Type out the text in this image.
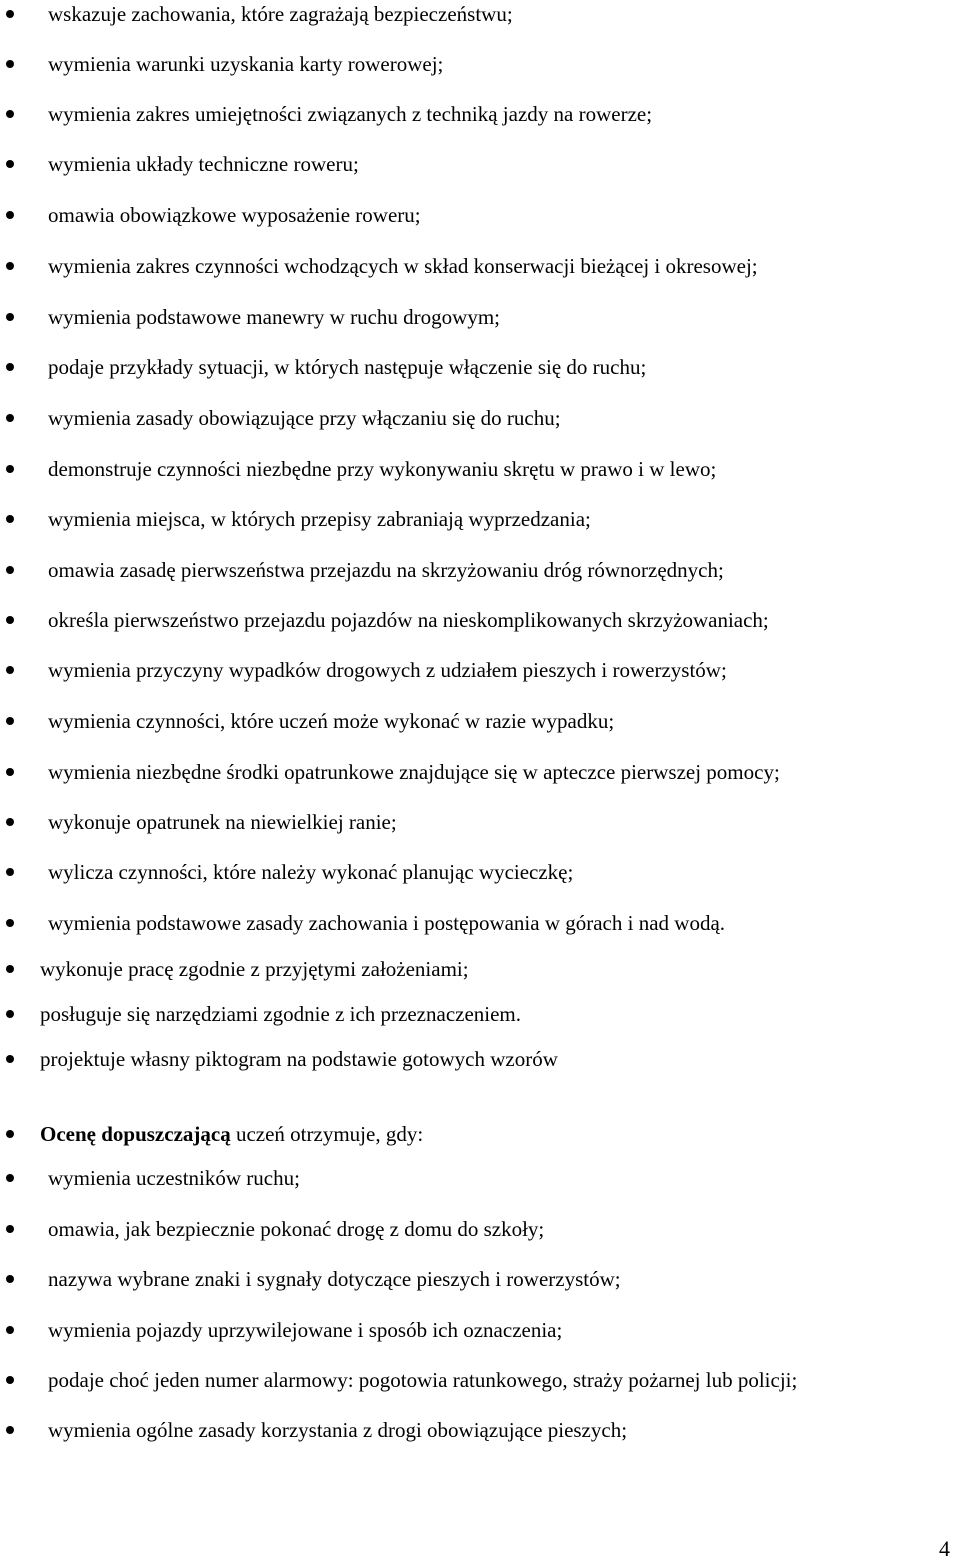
wskazuje zachowania, które zagrażają bezpieczeństwu;
wymienia warunki uzyskania karty rowerowej;
wymienia zakres umiejętności związanych z techniką jazdy na rowerze;
wymienia układy techniczne roweru;
omawia obowiązkowe wyposażenie roweru;
wymienia zakres czynności wchodzących w skład konserwacji bieżącej i okresowej;
wymienia podstawowe manewry w ruchu drogowym;
podaje przykłady sytuacji, w których następuje włączenie się do ruchu;
wymienia zasady obowiązujące przy włączaniu się do ruchu;
demonstruje czynności niezbędne przy wykonywaniu skrętu w prawo i w lewo;
wymienia miejsca, w których przepisy zabraniają wyprzedzania;
omawia zasadę pierwszeństwa przejazdu na skrzyżowaniu dróg równorzędnych;
określa pierwszeństwo przejazdu pojazdów na nieskomplikowanych skrzyżowaniach;
wymienia przyczyny wypadków drogowych z udziałem pieszych i rowerzystów;
wymienia czynności, które uczeń może wykonać w razie wypadku;
wymienia niezbędne środki opatrunkowe znajdujące się w apteczce pierwszej pomocy;
wykonuje opatrunek na niewielkiej ranie;
wylicza czynności, które należy wykonać planując wycieczkę;
wymienia podstawowe zasady zachowania i postępowania w górach i nad wodą.
wykonuje pracę zgodnie z przyjętymi założeniami;
posługuje się narzędziami zgodnie z ich przeznaczeniem.
projektuje własny piktogram na podstawie gotowych wzorów
Ocenę dopuszczającą uczeń otrzymuje, gdy:
wymienia uczestników ruchu;
omawia, jak bezpiecznie pokonać drogę z domu do szkoły;
nazywa wybrane znaki i sygnały dotyczące pieszych i rowerzystów;
wymienia pojazdy uprzywilejowane i sposób ich oznaczenia;
podaje choć jeden numer alarmowy: pogotowia ratunkowego, straży pożarnej lub policji;
wymienia ogólne zasady korzystania z drogi obowiązujące pieszych;
4
